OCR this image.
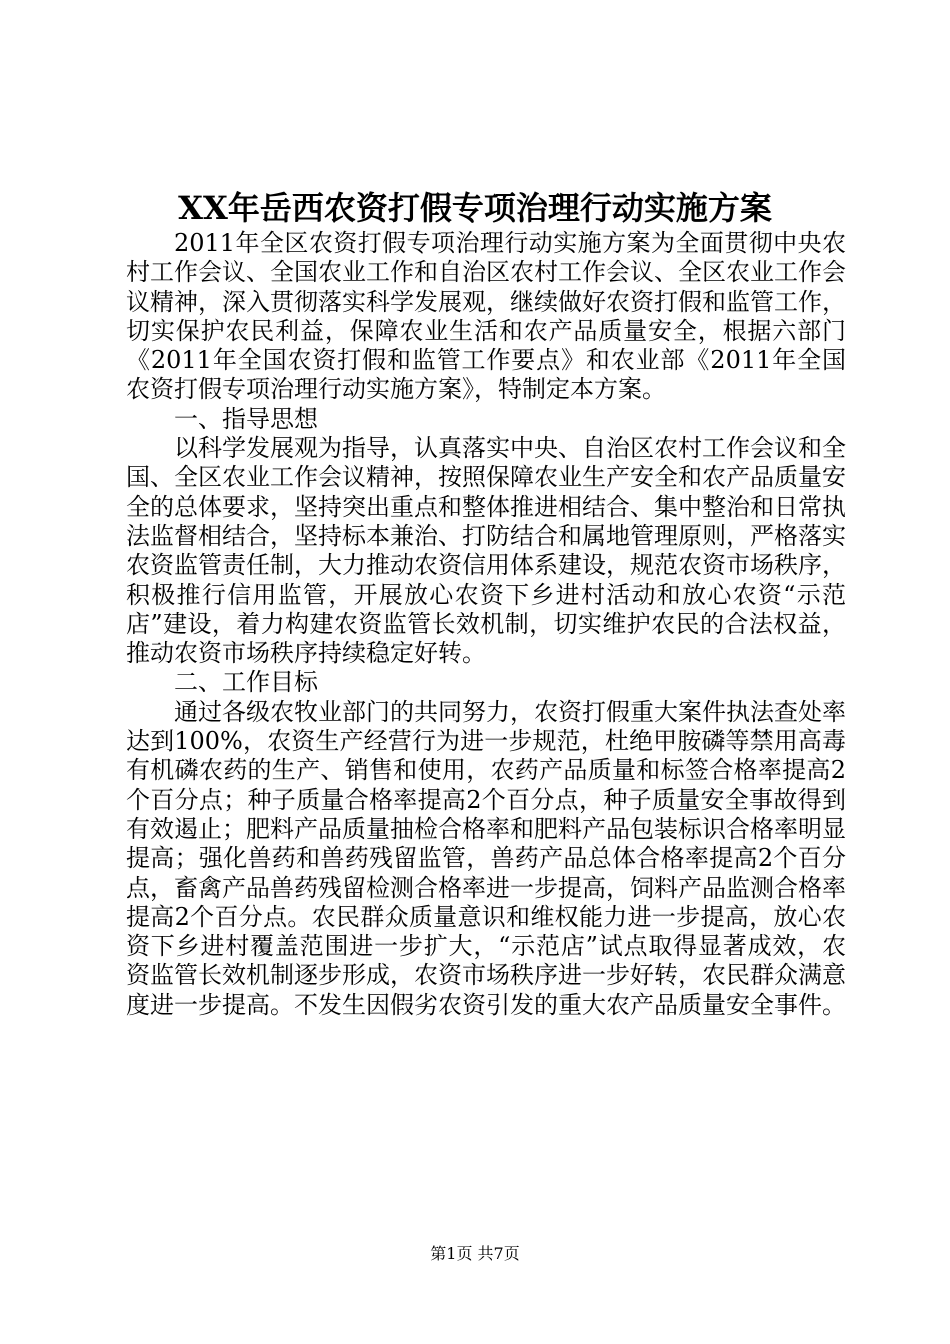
XX年岳西农资打假专项治理行动实施方案

2011年全区农资打假专项治理行动实施方案为全面贯彻中央农村工作会议、全国农业工作和自治区农村工作会议、全区农业工作会议精神，深入贯彻落实科学发展观，继续做好农资打假和监管工作，切实保护农民利益，保障农业生活和农产品质量安全，根据六部门《2011年全国农资打假和监管工作要点》和农业部《2011年全国农资打假专项治理行动实施方案》，特制定本方案。

一、指导思想

以科学发展观为指导，认真落实中央、自治区农村工作会议和全国、全区农业工作会议精神，按照保障农业生产安全和农产品质量安全的总体要求，坚持突出重点和整体推进相结合、集中整治和日常执法监督相结合，坚持标本兼治、打防结合和属地管理原则，严格落实农资监管责任制，大力推动农资信用体系建设，规范农资市场秩序，积极推行信用监管，开展放心农资下乡进村活动和放心农资“示范店”建设，着力构建农资监管长效机制，切实维护农民的合法权益，推动农资市场秩序持续稳定好转。

二、工作目标

通过各级农牧业部门的共同努力，农资打假重大案件执法查处率达到100%，农资生产经营行为进一步规范，杜绝甲胺磷等禁用高毒有机磷农药的生产、销售和使用，农药产品质量和标签合格率提高2个百分点；种子质量合格率提高2个百分点，种子质量安全事故得到有效遏止；肥料产品质量抽检合格率和肥料产品包装标识合格率明显提高；强化兽药和兽药残留监管，兽药产品总体合格率提高2个百分点，畜禽产品兽药残留检测合格率进一步提高，饲料产品监测合格率提高2个百分点。农民群众质量意识和维权能力进一步提高，放心农资下乡进村覆盖范围进一步扩大，“示范店”试点取得显著成效，农资监管长效机制逐步形成，农资市场秩序进一步好转，农民群众满意度进一步提高。不发生因假劣农资引发的重大农产品质量安全事件。

第1页 共7页
